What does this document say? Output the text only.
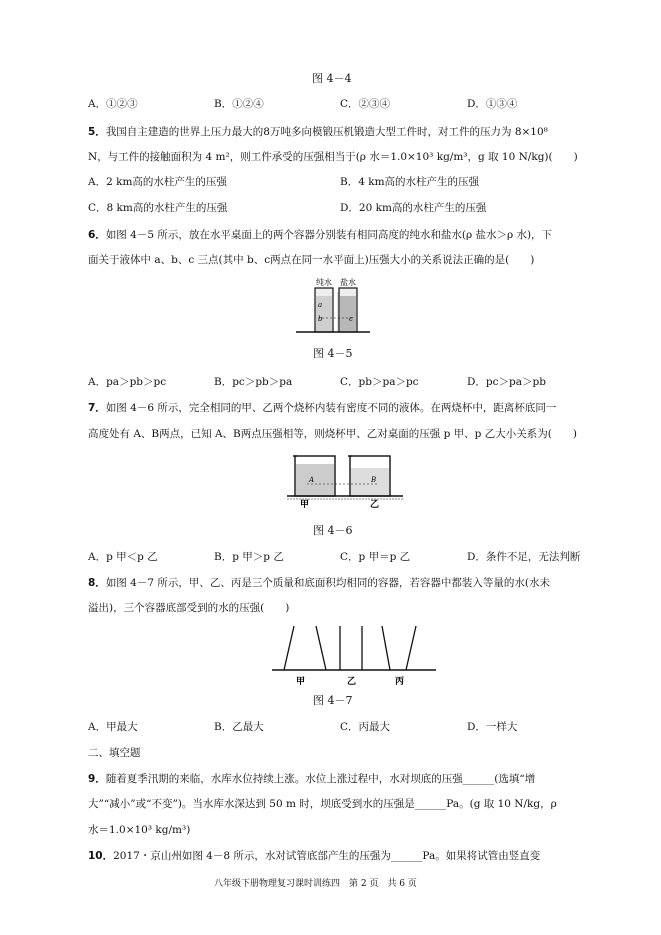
图 4－4
A．①②③	B．①②④	C．②③④	D．①③④
5．我国自主建造的世界上压力最大的8万吨多向模锻压机锻造大型工件时，对工件的压力为 8×10⁸
N，与工件的接触面积为 4 m²，则工件承受的压强相当于(ρ 水＝1.0×10³ kg/m³，g 取 10 N/kg)(　　)
A．2 km高的水柱产生的压强	B．4 km高的水柱产生的压强
C．8 km高的水柱产生的压强	D．20 km高的水柱产生的压强
6．如图 4－5 所示，放在水平桌面上的两个容器分别装有相同高度的纯水和盐水(ρ 盐水＞ρ 水)，下
面关于液体中 a、b、c 三点(其中 b、c两点在同一水平面上)压强大小的关系说法正确的是(　　)
纯水 盐水
a
b	c
图 4－5
A．pa＞pb＞pc	B．pc＞pb＞pa	C．pb＞pa＞pc	D．pc＞pa＞pb
7．如图 4－6 所示，完全相同的甲、乙两个烧杯内装有密度不同的液体。在两烧杯中，距离杯底同一
高度处有 A、B两点，已知 A、B两点压强相等，则烧杯甲、乙对桌面的压强 p 甲、p 乙大小关系为(　　)
A	B
甲	乙
图 4－6
A．p 甲＜p 乙	B．p 甲＞p 乙	C．p 甲＝p 乙	D．条件不足，无法判断
8．如图 4－7 所示，甲、乙、丙是三个质量和底面积均相同的容器，若容器中都装入等量的水(水未
溢出)，三个容器底部受到的水的压强(　　)
甲	乙	丙
图 4－7
A．甲最大	B．乙最大	C．丙最大	D．一样大
二、填空题
9．随着夏季汛期的来临，水库水位持续上涨。水位上涨过程中，水对坝底的压强______(选填“增
大”“减小”或“不变”)。当水库水深达到 50 m 时，坝底受到水的压强是______Pa。(g 取 10 N/kg，ρ
水＝1.0×10³ kg/m³)
10．2017・京山州如图 4－8 所示，水对试管底部产生的压强为______Pa。如果将试管由竖直变
八年级下册物理复习课时训练四　第 2 页　共 6 页
